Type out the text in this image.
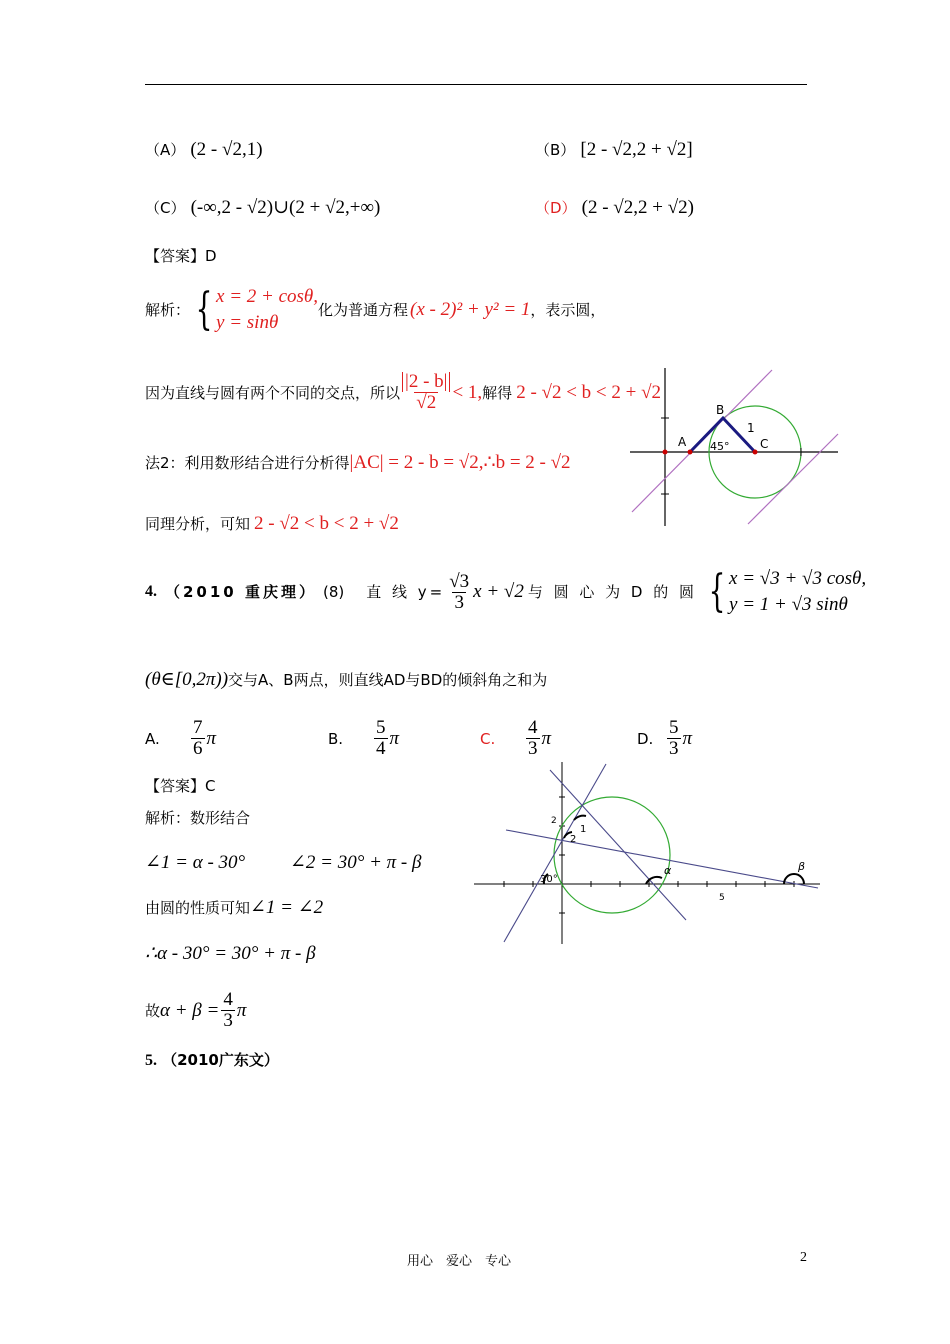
（A） (2 - √2,1)	（B） [2 - √2,2 + √2]
（C） (-∞,2 - √2)∪(2 + √2,+∞)	（D） (2 - √2,2 + √2)
【答案】D
解析： { x = 2 + cosθ,
y = sinθ
化为普通方程 (x - 2)² + y² = 1 ，表示圆，
因为直线与圆有两个不同的交点，所以 $\frac{|2 - b|}{√2} < 1$, 解得 2 - √2 < b < 2 + √2
法2：利用数形结合进行分析得 |AC| = 2 - b = √2,∴b = 2 - √2
同理分析，可知 2 - √2 < b < 2 + √2
A
B
C
1
45°
4. （2010 重庆理） (8) 直 线 $y= \frac{√3}{3}$ x + √2 与 圆 心 为 D 的 圆 { x = √3 + √3 cosθ,
y = 1 + √3 sinθ
(θ∈[0,2π)) 交与A、B两点，则直线AD与BD的倾斜角之和为
A.	$\frac{7}{6}$ π	B.	$\frac{5}{4}$ π	C.	$\frac{4}{3}$ π	D. $\frac{5}{3}$ π
【答案】C
解析：数形结合
∠1 = α - 30° ∠2 = 30° + π - β
由圆的性质可知 ∠1 = ∠2
∴α - 30° = 30° + π - β
故 $\alpha + \beta = \frac{4}{3}$ π
5. （2010广东文）
2
1
2
30°
α	β
5
用心　爱心　专心	2
